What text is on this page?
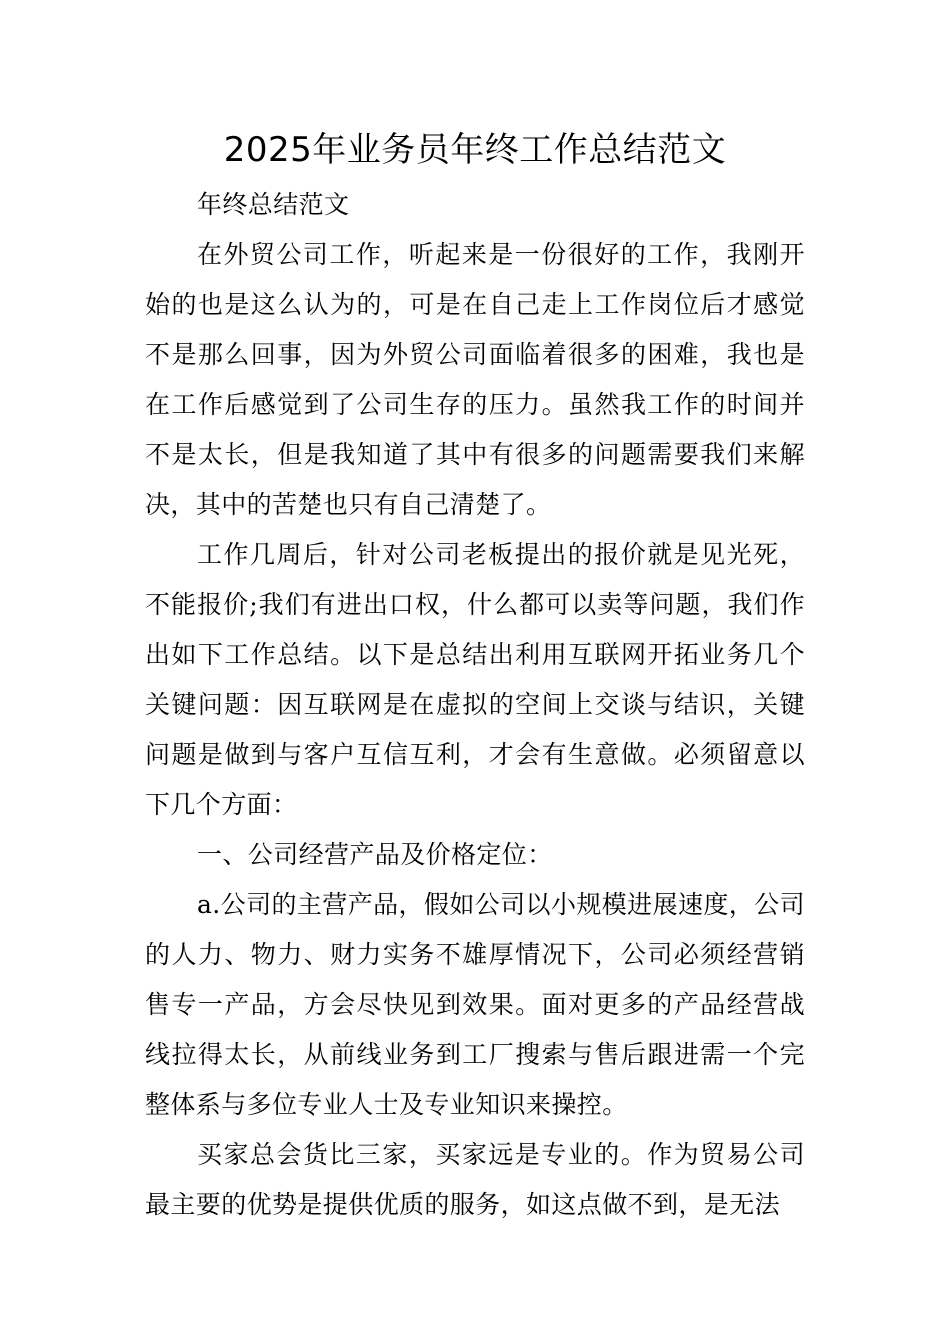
2025年业务员年终工作总结范文

年终总结范文

在外贸公司工作，听起来是一份很好的工作，我刚开始的也是这么认为的，可是在自己走上工作岗位后才感觉不是那么回事，因为外贸公司面临着很多的困难，我也是在工作后感觉到了公司生存的压力。虽然我工作的时间并不是太长，但是我知道了其中有很多的问题需要我们来解决，其中的苦楚也只有自己清楚了。

工作几周后，针对公司老板提出的报价就是见光死，不能报价;我们有进出口权，什么都可以卖等问题，我们作出如下工作总结。以下是总结出利用互联网开拓业务几个关键问题：因互联网是在虚拟的空间上交谈与结识，关键问题是做到与客户互信互利，才会有生意做。必须留意以下几个方面：

一、公司经营产品及价格定位：

a.公司的主营产品，假如公司以小规模进展速度，公司的人力、物力、财力实务不雄厚情况下，公司必须经营销售专一产品，方会尽快见到效果。面对更多的产品经营战线拉得太长，从前线业务到工厂搜索与售后跟进需一个完整体系与多位专业人士及专业知识来操控。

买家总会货比三家，买家远是专业的。作为贸易公司最主要的优势是提供优质的服务，如这点做不到，是无法
